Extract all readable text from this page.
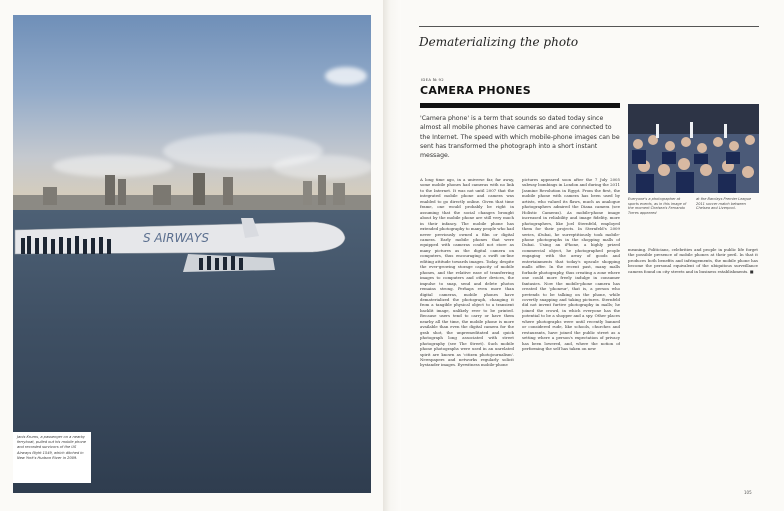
S AIRWAYS
Janis Krums, a passenger on a nearby ferryboat, pulled out his mobile phone and recorded survivors of the US Airways flight 1549, which ditched in New York's Hudson River in 2009.
Dematerializing the photo
IDEA № 92
CAMERA PHONES
'Camera phone' is a term that sounds so dated today since almost all mobile phones have cameras and are connected to the Internet. The speed with which mobile-phone images can be sent has transformed the photograph into a short instant message.
A long time ago, in a universe far, far away, some mobile phones had cameras with no link to the Internet. It was not until 2007 that the integrated mobile phone and camera was enabled to go directly online. Given that time frame, one would probably be right in assuming that the social changes brought about by the mobile phone are still very much in their infancy. The mobile phone has extended photography to many people who had never previously owned a film or digital camera. Early mobile phones that were equipped with cameras could not store as many pictures as the digital camera on computers, thus encouraging a swift on-line editing attitude towards images. Today, despite the ever-growing storage capacity of mobile phones, and the relative ease of transferring images to computers and other devices, the impulse to snap, send and delete photos remains strong. Perhaps even more than digital cameras, mobile phones have dematerialized the photograph, changing it from a tangible physical object to a transient backlit image, unlikely ever to be printed. Because users tend to carry or have them nearby all the time, the mobile phone is more available than even the digital camera for the grab shot, the unpremeditated and quick photograph long associated with street photography (see The Street). Such mobile phone photographs were used in an unrelated spirit are known as 'citizen photojournalism'. Newspapers and networks regularly solicit bystander images. Eyewitness mobile-phone
pictures appeared soon after the 7 July 2005 subway bombings in London and during the 2011 Jasmine Revolution in Egypt. From the first, the mobile phone with camera has been used by artists, who valued its flaws, much as analogue photographers admired the Diana camera (see Holistic Cameras). As mobile-phone image increased in reliability and image fidelity, more photographers, like Joel Sternfeld, employed them for their projects. In Sternfeld's 2009 series, iDubai, he surreptitiously took mobile-phone photographs in the shopping malls of Dubai. Using an iPhone, a highly prized commercial object, he photographed people engaging with the array of goods and entertainments that today's upscale shopping malls offer. In the recent past, many malls forbade photography, thus creating a zone where one could more freely indulge in consumer fantasies. Now the mobile-phone camera has created the 'phoneur', that is, a person who pretends to be talking on the phone, while covertly snapping and taking pictures. Sternfeld did not invent furtive photography in malls; he joined the crowd, in which everyone has the potential to be a shopper and a spy. Other places where photographs were until recently banned or considered rude, like schools, churches and restaurants, have joined the public street as a setting where a person's expectation of privacy has been lowered, and, where the notion of performing the self has taken on new
Everyone's a photographer at sports events, as in this image of the moment Chelsea's Fernando Torres appeared
at the Barclays Premier League 2011 soccer match between Chelsea and Liverpool.
meaning. Politicians, celebrities and people in public life forget the possible presence of mobile phones at their peril. In that it produces both benefits and infringements, the mobile phone has become the personal equivalent of the ubiquitous surveillance camera found on city streets and in business establishments. ■
105
